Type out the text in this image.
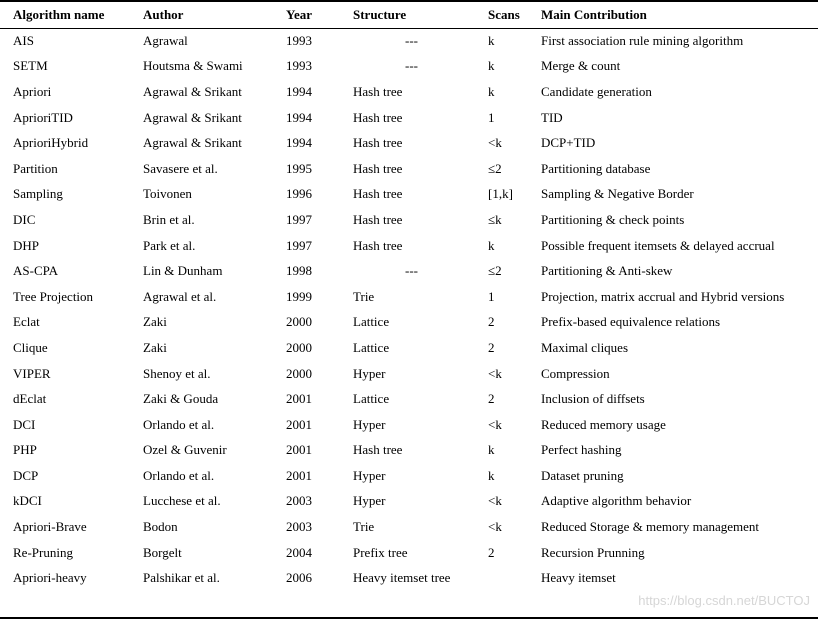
Algorithm name	Author	Year	Structure	Scans	Main Contribution
AIS	Agrawal	1993	---	k	First association rule mining algorithm
SETM	Houtsma & Swami	1993	---	k	Merge & count
Apriori	Agrawal & Srikant	1994	Hash tree	k	Candidate generation
AprioriTID	Agrawal & Srikant	1994	Hash tree	1	TID
AprioriHybrid	Agrawal & Srikant	1994	Hash tree	<k	DCP+TID
Partition	Savasere et al.	1995	Hash tree	≤2	Partitioning database
Sampling	Toivonen	1996	Hash tree	[1,k]	Sampling & Negative Border
DIC	Brin et al.	1997	Hash tree	≤k	Partitioning & check points
DHP	Park et al.	1997	Hash tree	k	Possible frequent itemsets & delayed accrual
AS-CPA	Lin & Dunham	1998	---	≤2	Partitioning & Anti-skew
Tree Projection	Agrawal et al.	1999	Trie	1	Projection, matrix accrual and Hybrid versions
Eclat	Zaki	2000	Lattice	2	Prefix-based equivalence relations
Clique	Zaki	2000	Lattice	2	Maximal cliques
VIPER	Shenoy et al.	2000	Hyper	<k	Compression
dEclat	Zaki & Gouda	2001	Lattice	2	Inclusion of diffsets
DCI	Orlando et al.	2001	Hyper	<k	Reduced memory usage
PHP	Ozel & Guvenir	2001	Hash tree	k	Perfect hashing
DCP	Orlando et al.	2001	Hyper	k	Dataset pruning
kDCI	Lucchese et al.	2003	Hyper	<k	Adaptive algorithm behavior
Apriori-Brave	Bodon	2003	Trie	<k	Reduced Storage & memory management
Re-Pruning	Borgelt	2004	Prefix tree	2	Recursion Prunning
Apriori-heavy	Palshikar et al.	2006	Heavy itemset tree		Heavy itemset
https://blog.csdn.net/BUCTOJ
